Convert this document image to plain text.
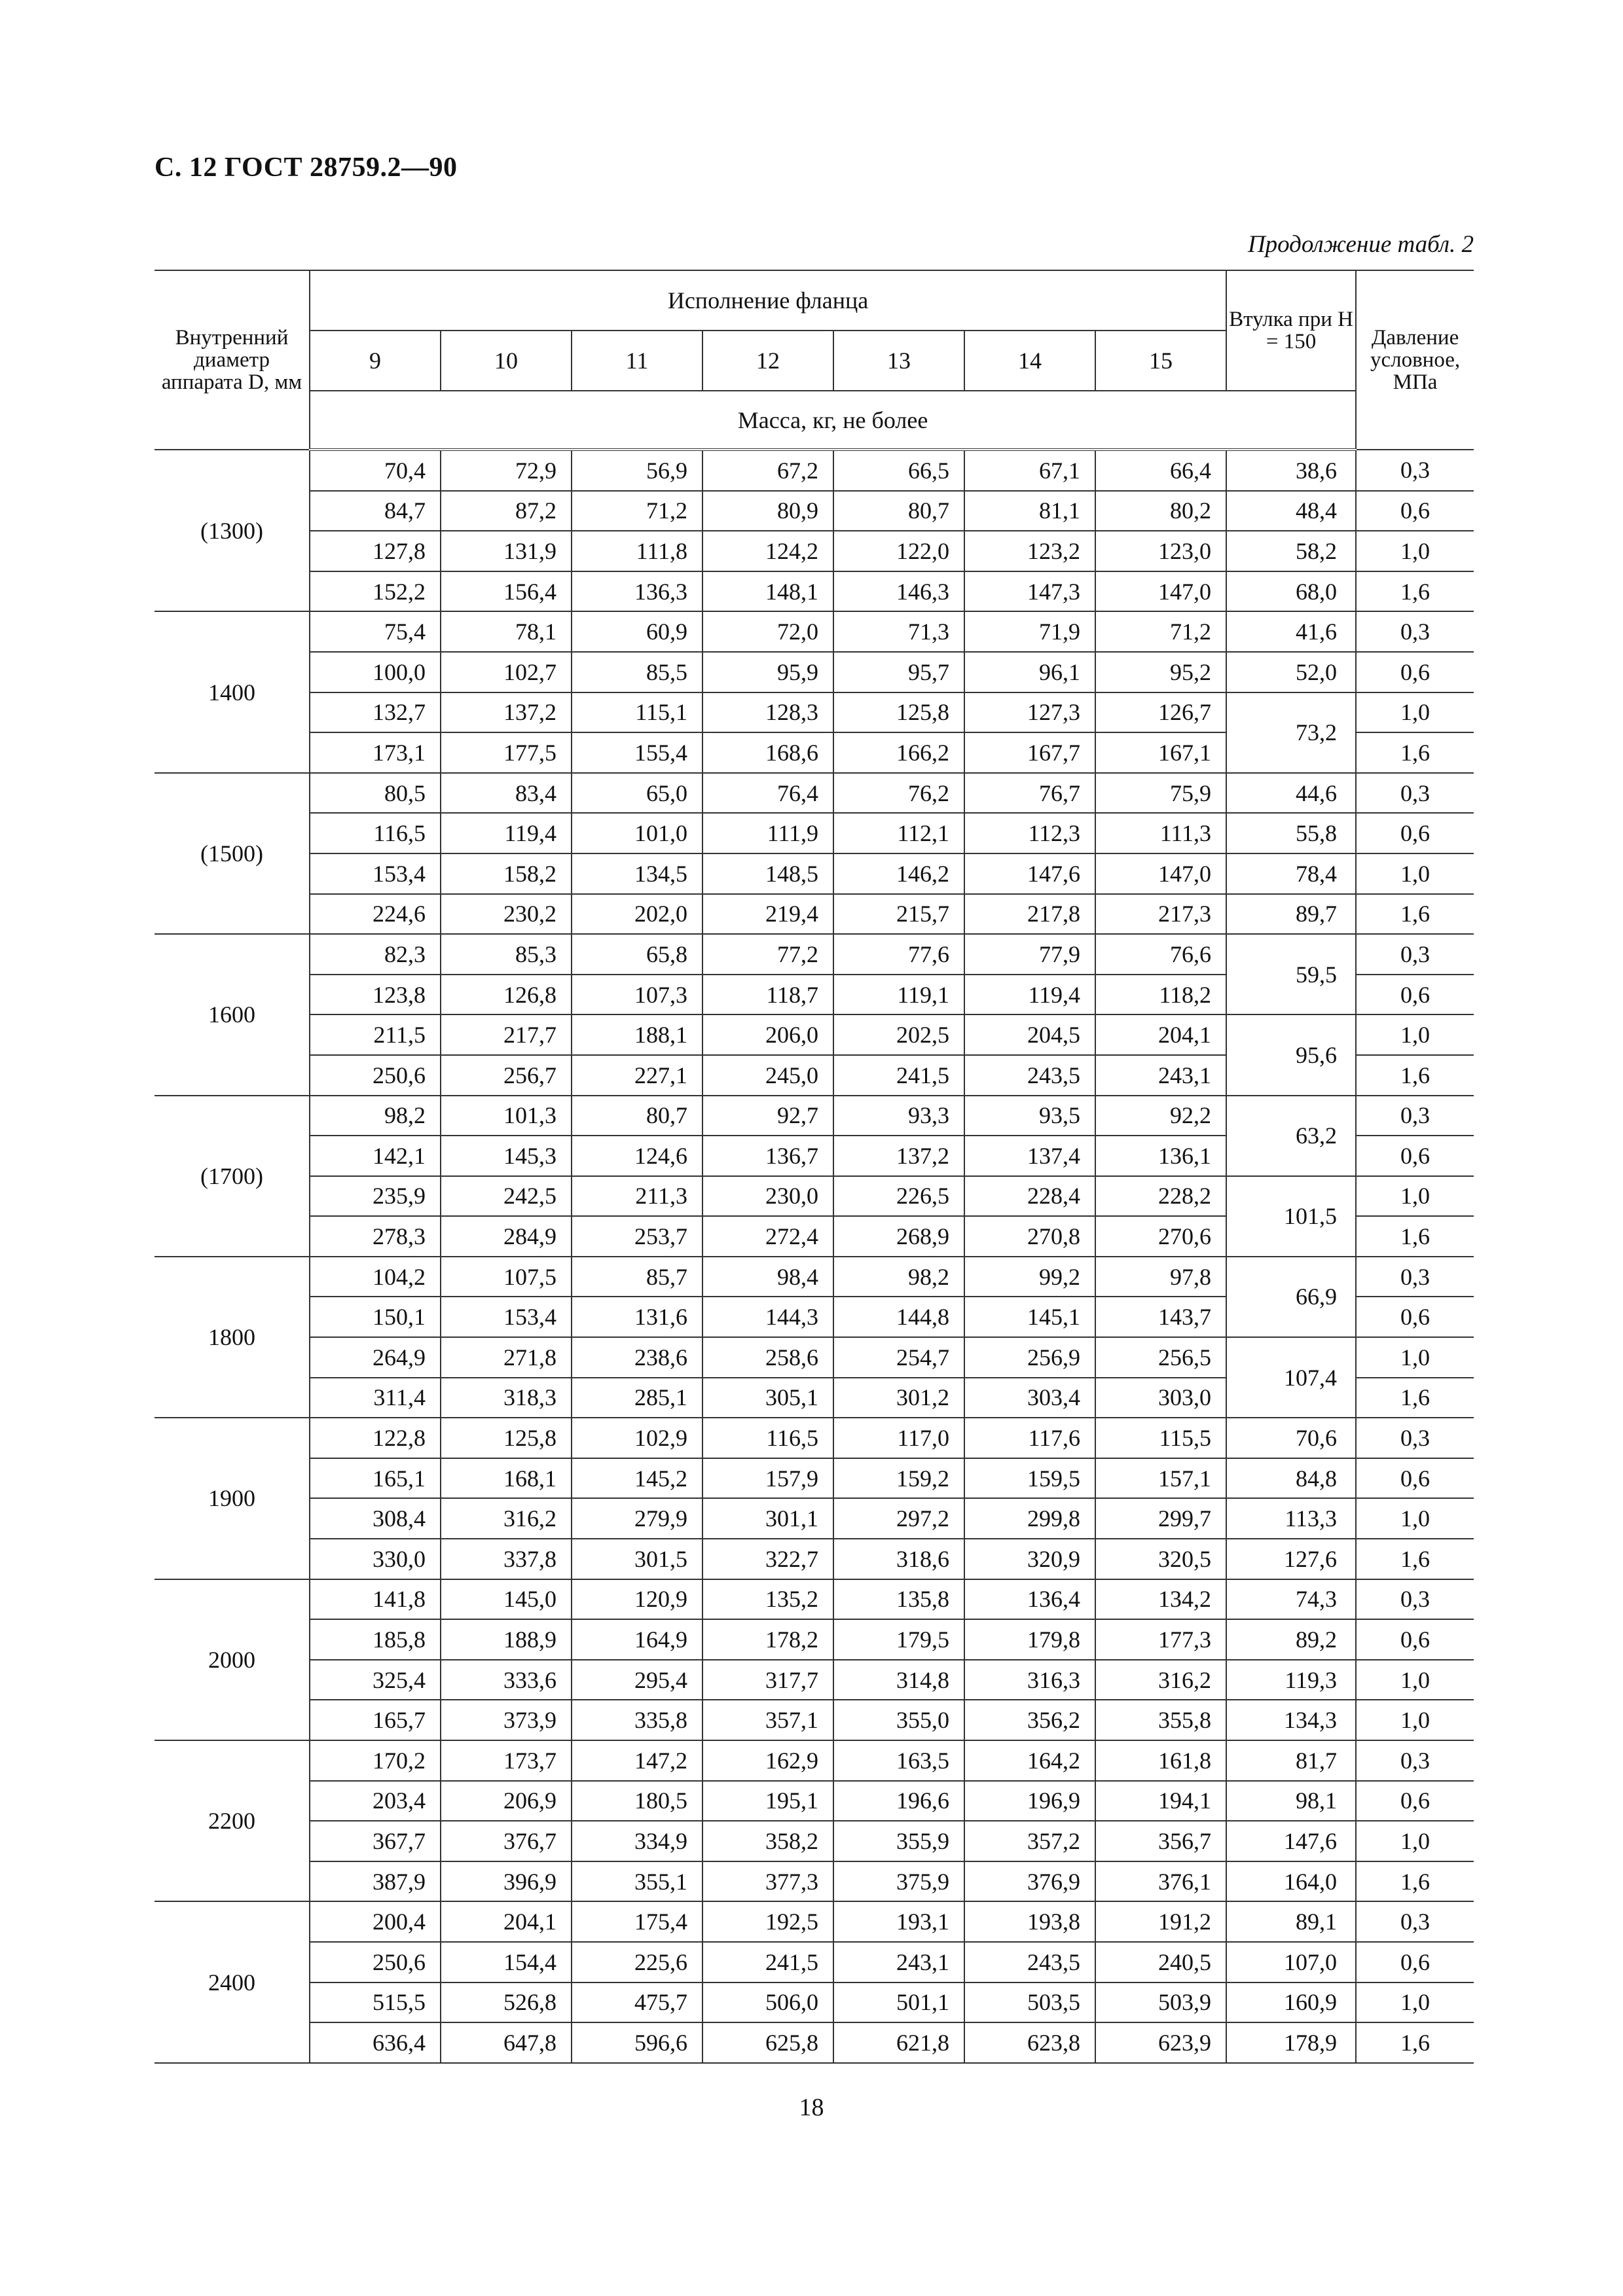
С. 12 ГОСТ 28759.2—90
Продолжение табл. 2
Внутренний диаметр аппарата D, мм	Исполнение фланца							Втулка при H = 150	Давление условное, МПа
	9	10	11	12	13	14	15		
	Масса, кг, не более								
(1300)	70,4	72,9	56,9	67,2	66,5	67,1	66,4	38,6	0,3
	84,7	87,2	71,2	80,9	80,7	81,1	80,2	48,4	0,6
	127,8	131,9	111,8	124,2	122,0	123,2	123,0	58,2	1,0
	152,2	156,4	136,3	148,1	146,3	147,3	147,0	68,0	1,6
1400	75,4	78,1	60,9	72,0	71,3	71,9	71,2	41,6	0,3
	100,0	102,7	85,5	95,9	95,7	96,1	95,2	52,0	0,6
	132,7	137,2	115,1	128,3	125,8	127,3	126,7	73,2	1,0
	173,1	177,5	155,4	168,6	166,2	167,7	167,1		1,6
(1500)	80,5	83,4	65,0	76,4	76,2	76,7	75,9	44,6	0,3
	116,5	119,4	101,0	111,9	112,1	112,3	111,3	55,8	0,6
	153,4	158,2	134,5	148,5	146,2	147,6	147,0	78,4	1,0
	224,6	230,2	202,0	219,4	215,7	217,8	217,3	89,7	1,6
1600	82,3	85,3	65,8	77,2	77,6	77,9	76,6	59,5	0,3
	123,8	126,8	107,3	118,7	119,1	119,4	118,2		0,6
	211,5	217,7	188,1	206,0	202,5	204,5	204,1	95,6	1,0
	250,6	256,7	227,1	245,0	241,5	243,5	243,1		1,6
(1700)	98,2	101,3	80,7	92,7	93,3	93,5	92,2	63,2	0,3
	142,1	145,3	124,6	136,7	137,2	137,4	136,1		0,6
	235,9	242,5	211,3	230,0	226,5	228,4	228,2	101,5	1,0
	278,3	284,9	253,7	272,4	268,9	270,8	270,6		1,6
1800	104,2	107,5	85,7	98,4	98,2	99,2	97,8	66,9	0,3
	150,1	153,4	131,6	144,3	144,8	145,1	143,7		0,6
	264,9	271,8	238,6	258,6	254,7	256,9	256,5	107,4	1,0
	311,4	318,3	285,1	305,1	301,2	303,4	303,0		1,6
1900	122,8	125,8	102,9	116,5	117,0	117,6	115,5	70,6	0,3
	165,1	168,1	145,2	157,9	159,2	159,5	157,1	84,8	0,6
	308,4	316,2	279,9	301,1	297,2	299,8	299,7	113,3	1,0
	330,0	337,8	301,5	322,7	318,6	320,9	320,5	127,6	1,6
2000	141,8	145,0	120,9	135,2	135,8	136,4	134,2	74,3	0,3
	185,8	188,9	164,9	178,2	179,5	179,8	177,3	89,2	0,6
	325,4	333,6	295,4	317,7	314,8	316,3	316,2	119,3	1,0
	165,7	373,9	335,8	357,1	355,0	356,2	355,8	134,3	1,0
2200	170,2	173,7	147,2	162,9	163,5	164,2	161,8	81,7	0,3
	203,4	206,9	180,5	195,1	196,6	196,9	194,1	98,1	0,6
	367,7	376,7	334,9	358,2	355,9	357,2	356,7	147,6	1,0
	387,9	396,9	355,1	377,3	375,9	376,9	376,1	164,0	1,6
2400	200,4	204,1	175,4	192,5	193,1	193,8	191,2	89,1	0,3
	250,6	154,4	225,6	241,5	243,1	243,5	240,5	107,0	0,6
	515,5	526,8	475,7	506,0	501,1	503,5	503,9	160,9	1,0
	636,4	647,8	596,6	625,8	621,8	623,8	623,9	178,9	1,6
18
